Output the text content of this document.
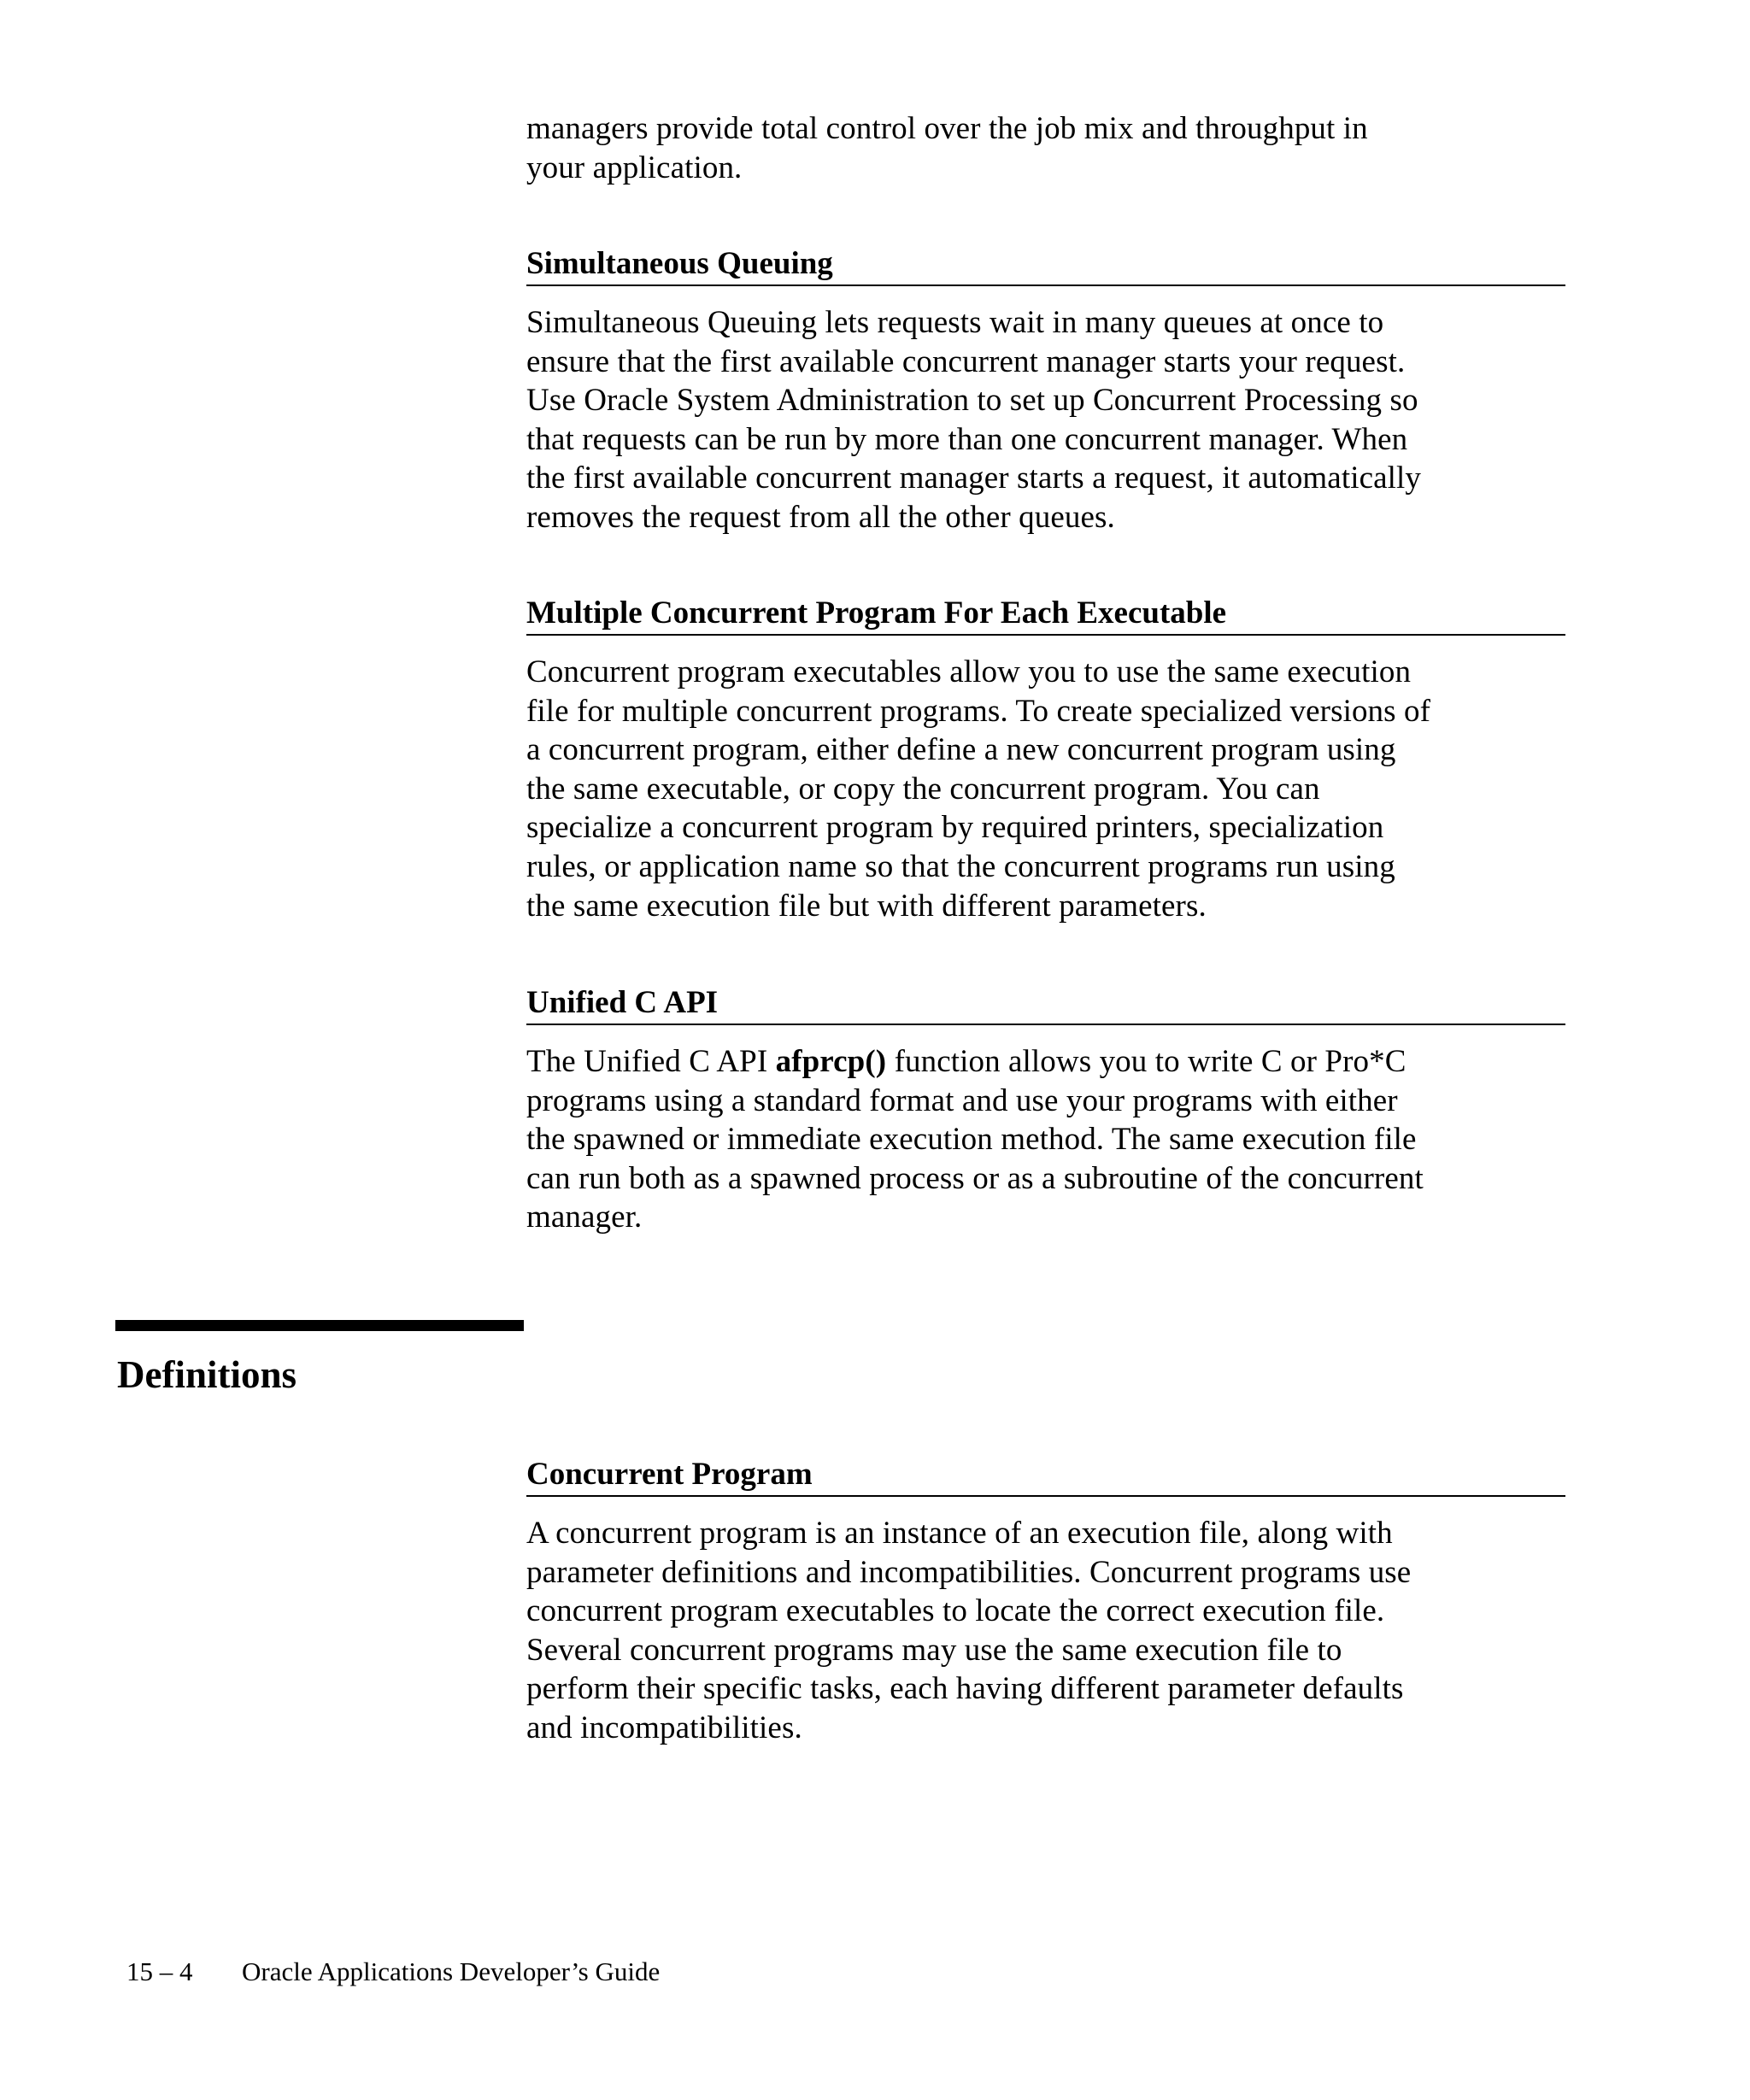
managers provide total control over the job mix and throughput in

your application.

Simultaneous Queuing

Simultaneous Queuing lets requests wait in many queues at once to

ensure that the first available concurrent manager starts your request.

Use Oracle System Administration to set up Concurrent Processing so

that requests can be run by more than one concurrent manager. When

the first available concurrent manager starts a request, it automatically

removes the request from all the other queues.

Multiple Concurrent Program For Each Executable

Concurrent program executables allow you to use the same execution

file for multiple concurrent programs. To create specialized versions of

a concurrent program, either define a new concurrent program using

the same executable, or copy the concurrent program. You can

specialize a concurrent program by required printers, specialization

rules, or application name so that the concurrent programs run using

the same execution file but with different parameters.

Unified C API

The Unified C API afprcp() function allows you to write C or Pro*C

programs using a standard format and use your programs with either

the spawned or immediate execution method. The same execution file

can run both as a spawned process or as a subroutine of the concurrent

manager.

Definitions
Concurrent Program

A concurrent program is an instance of an execution file, along with

parameter definitions and incompatibilities. Concurrent programs use

concurrent program executables to locate the correct execution file.

Several concurrent programs may use the same execution file to

perform their specific tasks, each having different parameter defaults

and incompatibilities.

15 – 4 Oracle Applications Developer’s Guide
